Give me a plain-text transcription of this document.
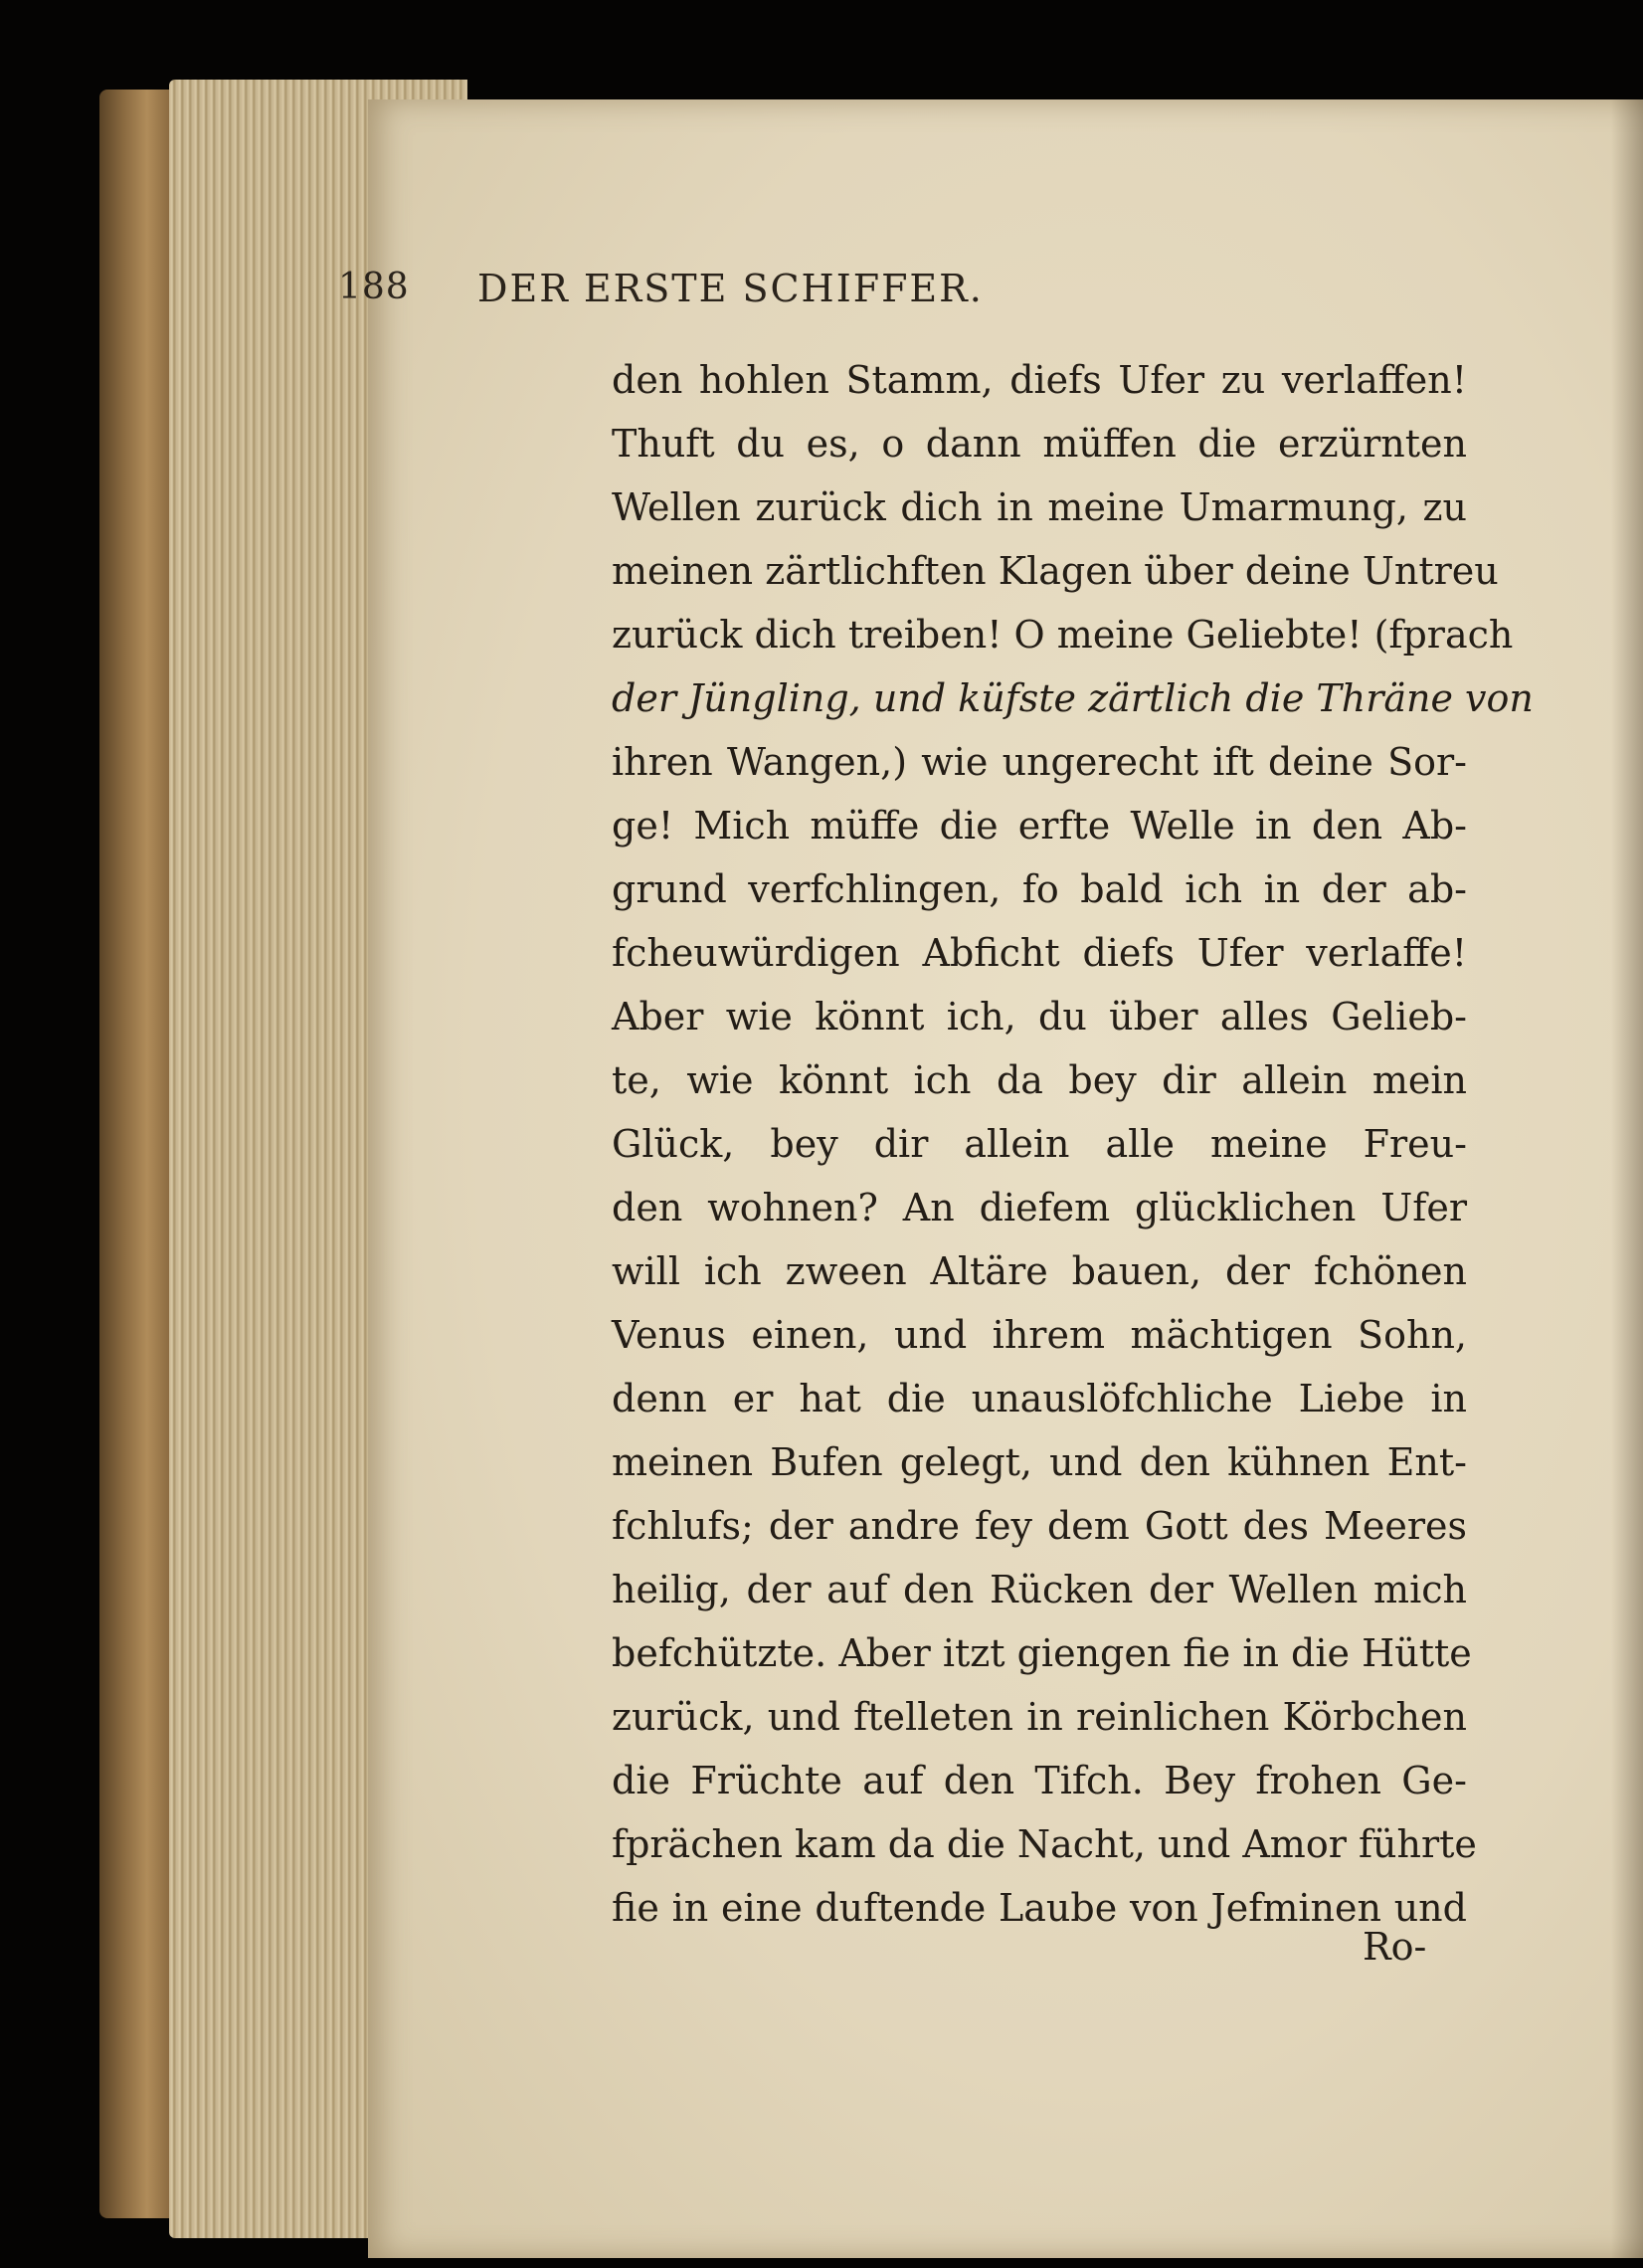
188 DER ERSTE SCHIFFER.
den hohlen Stamm, diefs Ufer zu verlaffen!
Thuft du es, o dann müffen die erzürnten
Wellen zurück dich in meine Umarmung, zu
meinen zärtlichften Klagen über deine Untreu
zurück dich treiben! O meine Geliebte! (fprach
der Jüngling, und küfste zärtlich die Thräne von
ihren Wangen,) wie ungerecht ift deine Sor-
ge! Mich müffe die erfte Welle in den Ab-
grund verfchlingen, fo bald ich in der ab-
fcheuwürdigen Abficht diefs Ufer verlaffe!
Aber wie könnt ich, du über alles Gelieb-
te, wie könnt ich da bey dir allein mein
Glück, bey dir allein alle meine Freu-
den wohnen? An diefem glücklichen Ufer
will ich zween Altäre bauen, der fchönen
Venus einen, und ihrem mächtigen Sohn,
denn er hat die unauslöfchliche Liebe in
meinen Bufen gelegt, und den kühnen Ent-
fchlufs; der andre fey dem Gott des Meeres
heilig, der auf den Rücken der Wellen mich
befchützte. Aber itzt giengen fie in die Hütte
zurück, und ftelleten in reinlichen Körbchen
die Früchte auf den Tifch. Bey frohen Ge-
fprächen kam da die Nacht, und Amor führte
fie in eine duftende Laube von Jefminen und
Ro-
